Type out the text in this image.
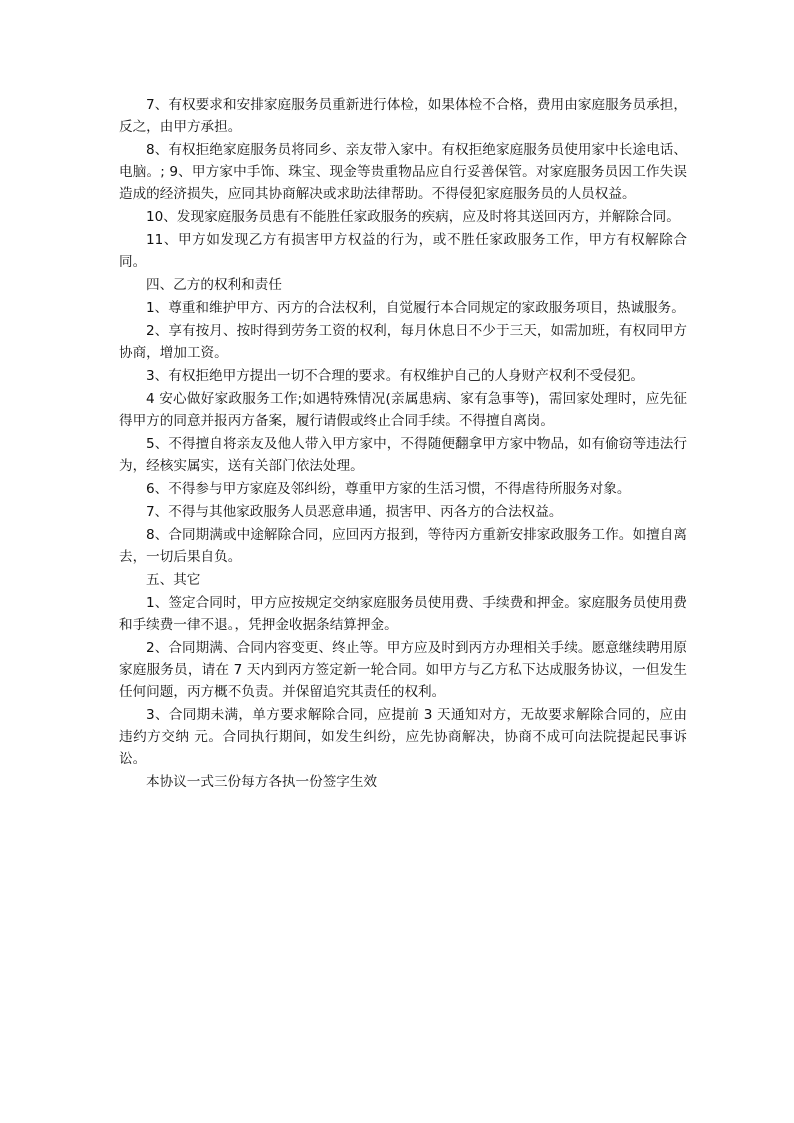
7、有权要求和安排家庭服务员重新进行体检，如果体检不合格，费用由家庭服务员承担，反之，由甲方承担。

8、有权拒绝家庭服务员将同乡、亲友带入家中。有权拒绝家庭服务员使用家中长途电话、电脑。; 9、甲方家中手饰、珠宝、现金等贵重物品应自行妥善保管。对家庭服务员因工作失误造成的经济损失，应同其协商解决或求助法律帮助。不得侵犯家庭服务员的人员权益。

10、发现家庭服务员患有不能胜任家政服务的疾病，应及时将其送回丙方，并解除合同。

11、甲方如发现乙方有损害甲方权益的行为，或不胜任家政服务工作，甲方有权解除合同。

四、乙方的权利和责任

1、尊重和维护甲方、丙方的合法权利，自觉履行本合同规定的家政服务项目，热诚服务。

2、享有按月、按时得到劳务工资的权利，每月休息日不少于三天，如需加班，有权同甲方协商，增加工资。

3、有权拒绝甲方提出一切不合理的要求。有权维护自己的人身财产权利不受侵犯。

4 安心做好家政服务工作;如遇特殊情况(亲属患病、家有急事等)，需回家处理时，应先征得甲方的同意并报丙方备案，履行请假或终止合同手续。不得擅自离岗。

5、不得擅自将亲友及他人带入甲方家中，不得随便翻拿甲方家中物品，如有偷窃等违法行为，经核实属实，送有关部门依法处理。

6、不得参与甲方家庭及邻纠纷，尊重甲方家的生活习惯，不得虐待所服务对象。

7、不得与其他家政服务人员恶意串通，损害甲、丙各方的合法权益。

8、合同期满或中途解除合同，应回丙方报到，等待丙方重新安排家政服务工作。如擅自离去，一切后果自负。

五、其它

1、签定合同时，甲方应按规定交纳家庭服务员使用费、手续费和押金。家庭服务员使用费和手续费一律不退。，凭押金收据条结算押金。

2、合同期满、合同内容变更、终止等。甲方应及时到丙方办理相关手续。愿意继续聘用原家庭服务员，请在 7 天内到丙方签定新一轮合同。如甲方与乙方私下达成服务协议，一但发生任何问题，丙方概不负责。并保留追究其责任的权利。

3、合同期未满，单方要求解除合同，应提前 3 天通知对方，无故要求解除合同的，应由违约方交纳 元。合同执行期间，如发生纠纷，应先协商解决，协商不成可向法院提起民事诉讼。

本协议一式三份每方各执一份签字生效
